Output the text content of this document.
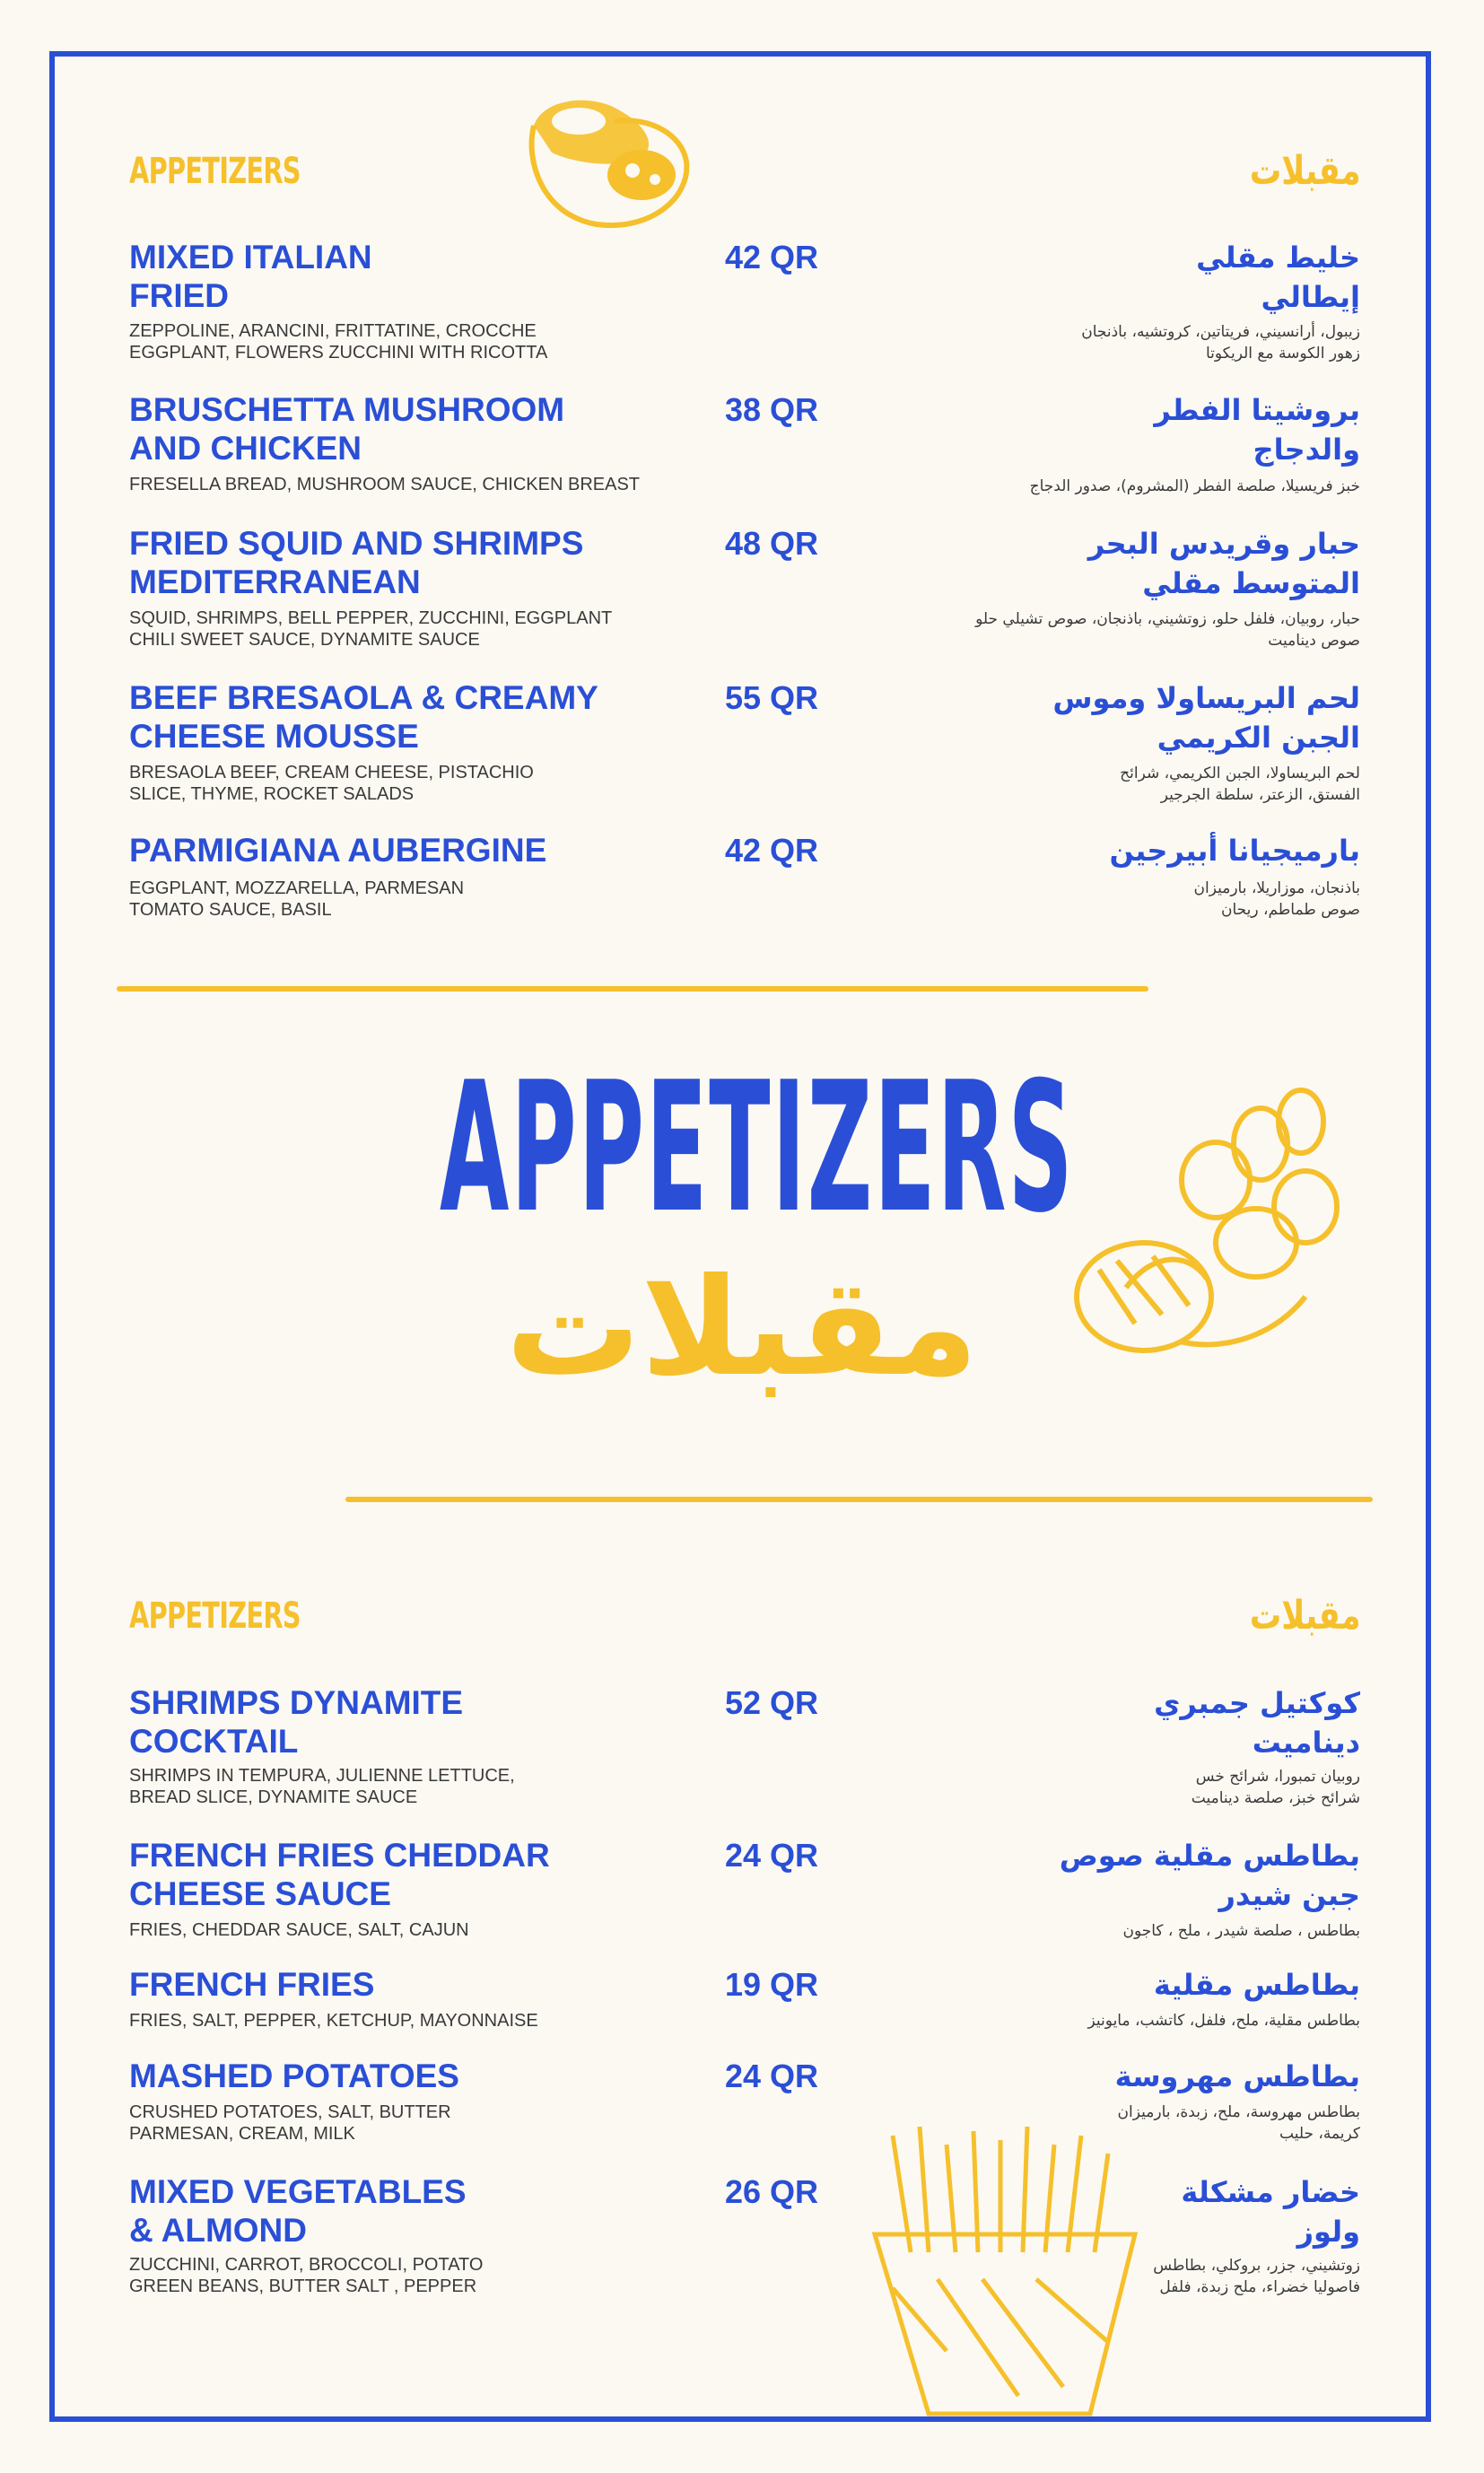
APPETIZERS	مقبلات
MIXED ITALIAN
FRIED
ZEPPOLINE, ARANCINI, FRITTATINE, CROCCHE
EGGPLANT, FLOWERS ZUCCHINI WITH RICOTTA
42 QR	خليط مقلي
إيطالي
زيبول، أرانسيني، فريتاتين، كروتشيه، باذنجان
زهور الكوسة مع الريكوتا
BRUSCHETTA MUSHROOM
AND CHICKEN
FRESELLA BREAD, MUSHROOM SAUCE, CHICKEN BREAST
38 QR	بروشيتا الفطر
والدجاج
خبز فريسيلا، صلصة الفطر (المشروم)، صدور الدجاج
FRIED SQUID AND SHRIMPS
MEDITERRANEAN
SQUID, SHRIMPS, BELL PEPPER, ZUCCHINI, EGGPLANT
CHILI SWEET SAUCE, DYNAMITE SAUCE
48 QR	حبار وقريدس البحر
المتوسط مقلي
حبار، روبيان، فلفل حلو، زوتشيني، باذنجان، صوص تشيلي حلو
صوص ديناميت
BEEF BRESAOLA & CREAMY
CHEESE MOUSSE
BRESAOLA BEEF, CREAM CHEESE, PISTACHIO
SLICE, THYME, ROCKET SALADS
55 QR	لحم البريساولا وموس
الجبن الكريمي
لحم البريساولا، الجبن الكريمي، شرائح
الفستق، الزعتر، سلطة الجرجير
PARMIGIANA AUBERGINE
EGGPLANT, MOZZARELLA, PARMESAN
TOMATO SAUCE, BASIL
42 QR	بارميجيانا أبيرجين
باذنجان، موزاريلا، بارميزان
صوص طماطم، ريحان
APPETIZERS
مقبلات
APPETIZERS	مقبلات
SHRIMPS DYNAMITE
COCKTAIL
SHRIMPS IN TEMPURA, JULIENNE LETTUCE,
BREAD SLICE, DYNAMITE SAUCE
52 QR	كوكتيل جمبري
ديناميت
روبيان تمبورا، شرائح خس
شرائح خبز، صلصة ديناميت
FRENCH FRIES CHEDDAR
CHEESE SAUCE
FRIES, CHEDDAR SAUCE, SALT, CAJUN
24 QR	بطاطس مقلية صوص
جبن شيدر
بطاطس ، صلصة شيدر ، ملح ، كاجون
FRENCH FRIES
FRIES, SALT, PEPPER, KETCHUP, MAYONNAISE
19 QR	بطاطس مقلية
بطاطس مقلية، ملح، فلفل، كاتشب، مايونيز
MASHED POTATOES
CRUSHED POTATOES, SALT, BUTTER
PARMESAN, CREAM, MILK
24 QR	بطاطس مهروسة
بطاطس مهروسة، ملح، زبدة، بارميزان
كريمة، حليب
MIXED VEGETABLES
& ALMOND
ZUCCHINI, CARROT, BROCCOLI, POTATO
GREEN BEANS, BUTTER SALT , PEPPER
26 QR	خضار مشكلة
ولوز
زوتشيني، جزر، بروكلي، بطاطس
فاصوليا خضراء، ملح زبدة، فلفل
